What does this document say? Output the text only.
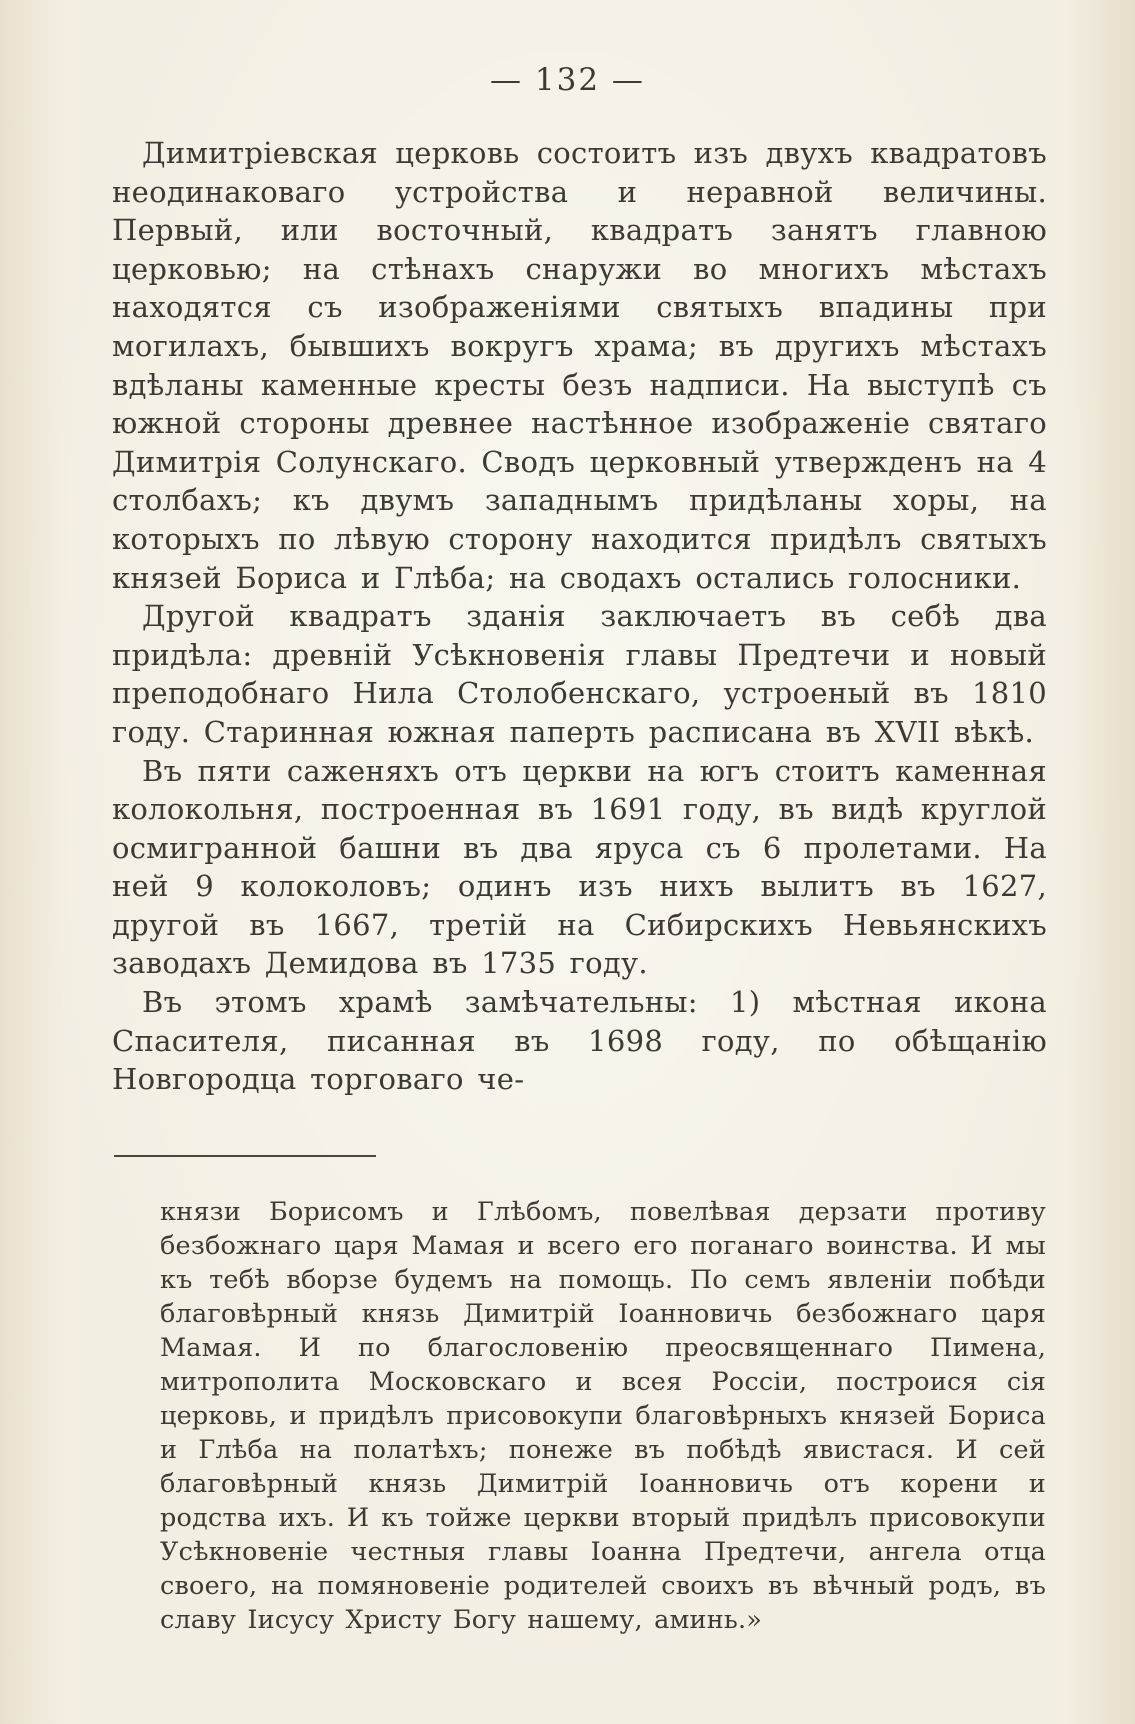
— 132 —

Димитріевская церковь состоитъ изъ двухъ квадратовъ неодинаковаго устройства и неравной величины. Первый, или восточный, квадратъ занятъ главною церковью; на стѣнахъ снаружи во многихъ мѣстахъ находятся съ изображеніями святыхъ впадины при могилахъ, бывшихъ вокругъ храма; въ другихъ мѣстахъ вдѣланы каменные кресты безъ надписи. На выступѣ съ южной стороны древнее настѣнное изображеніе святаго Димитрія Солунскаго. Сводъ церковный утвержденъ на 4 столбахъ; къ двумъ западнымъ придѣланы хоры, на которыхъ по лѣвую сторону находится придѣлъ святыхъ князей Бориса и Глѣба; на сводахъ остались голосники.

Другой квадратъ зданія заключаетъ въ себѣ два придѣла: древній Усѣкновенія главы Предтечи и новый преподобнаго Нила Столобенскаго, устроеный въ 1810 году. Старинная южная паперть расписана въ XVII вѣкѣ.

Въ пяти саженяхъ отъ церкви на югъ стоитъ каменная колокольня, построенная въ 1691 году, въ видѣ круглой осмигранной башни въ два яруса съ 6 пролетами. На ней 9 колоколовъ; одинъ изъ нихъ вылитъ въ 1627, другой въ 1667, третій на Сибирскихъ Невьянскихъ заводахъ Демидова въ 1735 году.

Въ этомъ храмѣ замѣчательны: 1) мѣстная икона Спасителя, писанная въ 1698 году, по обѣщанію Новгородца торговаго че-

князи Борисомъ и Глѣбомъ, повелѣвая дерзати противу безбожнаго царя Мамая и всего его поганаго воинства. И мы къ тебѣ вборзе будемъ на помощь. По семъ явленіи побѣди благовѣрный князь Димитрій Іоанновичь безбожнаго царя Мамая. И по благословенію преосвященнаго Пимена, митрополита Московскаго и всея Россіи, построися сія церковь, и придѣлъ присовокупи благовѣрныхъ князей Бориса и Глѣба на полатѣхъ; понеже въ побѣдѣ явистася. И сей благовѣрный князь Димитрій Іоанновичь отъ корени и родства ихъ. И къ тойже церкви вторый придѣлъ присовокупи Усѣкновеніе честныя главы Іоанна Предтечи, ангела отца своего, на помяновеніе родителей своихъ въ вѣчный родъ, въ славу Іисусу Христу Богу нашему, аминь.»
